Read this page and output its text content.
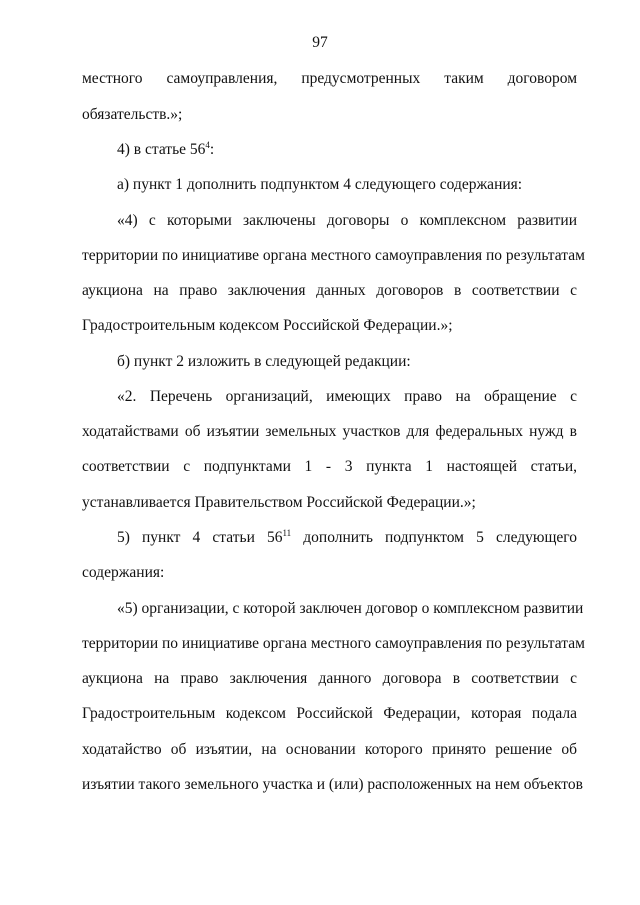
97
местного самоуправления, предусмотренных таким договором
обязательств.»;
4) в статье $56^4$:
а) пункт 1 дополнить подпунктом 4 следующего содержания:
«4) с которыми заключены договоры о комплексном развитии
территории по инициативе органа местного самоуправления по результатам
аукциона на право заключения данных договоров в соответствии с
Градостроительным кодексом Российской Федерации.»;
б) пункт 2 изложить в следующей редакции:
«2. Перечень организаций, имеющих право на обращение с
ходатайствами об изъятии земельных участков для федеральных нужд в
соответствии с подпунктами 1 - 3 пункта 1 настоящей статьи,
устанавливается Правительством Российской Федерации.»;
5) пункт 4 статьи $56^{11}$ дополнить подпунктом 5 следующего
содержания:
«5) организации, с которой заключен договор о комплексном развитии
территории по инициативе органа местного самоуправления по результатам
аукциона на право заключения данного договора в соответствии с
Градостроительным кодексом Российской Федерации, которая подала
ходатайство об изъятии, на основании которого принято решение об
изъятии такого земельного участка и (или) расположенных на нем объектов
